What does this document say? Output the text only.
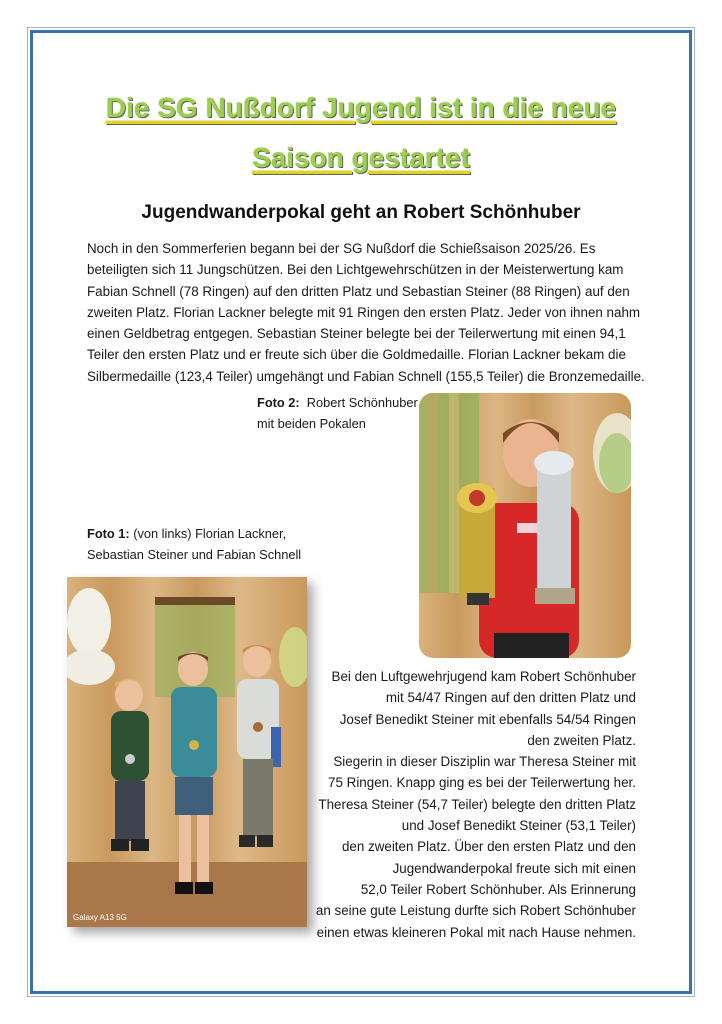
Die SG Nußdorf Jugend ist in die neue
Saison gestartet
Jugendwanderpokal geht an Robert Schönhuber
Noch in den Sommerferien begann bei der SG Nußdorf die Schießsaison 2025/26. Es
beteiligten sich 11 Jungschützen. Bei den Lichtgewehrschützen in der Meisterwertung kam
Fabian Schnell (78 Ringen) auf den dritten Platz und Sebastian Steiner (88 Ringen) auf den
zweiten Platz. Florian Lackner belegte mit 91 Ringen den ersten Platz. Jeder von ihnen nahm
einen Geldbetrag entgegen. Sebastian Steiner belegte bei der Teilerwertung mit einen 94,1
Teiler den ersten Platz und er freute sich über die Goldmedaille. Florian Lackner bekam die
Silbermedaille (123,4 Teiler) umgehängt und Fabian Schnell (155,5 Teiler) die Bronzemedaille.
Foto 2: Robert Schönhuber
mit beiden Pokalen
Foto 1: (von links) Florian Lackner,
Sebastian Steiner und Fabian Schnell
Galaxy A13 5G
Bei den Luftgewehrjugend kam Robert Schönhuber
mit 54/47 Ringen auf den dritten Platz und
Josef Benedikt Steiner mit ebenfalls 54/54 Ringen
den zweiten Platz.
Siegerin in dieser Disziplin war Theresa Steiner mit
75 Ringen. Knapp ging es bei der Teilerwertung her.
Theresa Steiner (54,7 Teiler) belegte den dritten Platz
und Josef Benedikt Steiner (53,1 Teiler)
den zweiten Platz. Über den ersten Platz und den
Jugendwanderpokal freute sich mit einen
52,0 Teiler Robert Schönhuber. Als Erinnerung
an seine gute Leistung durfte sich Robert Schönhuber
einen etwas kleineren Pokal mit nach Hause nehmen.
